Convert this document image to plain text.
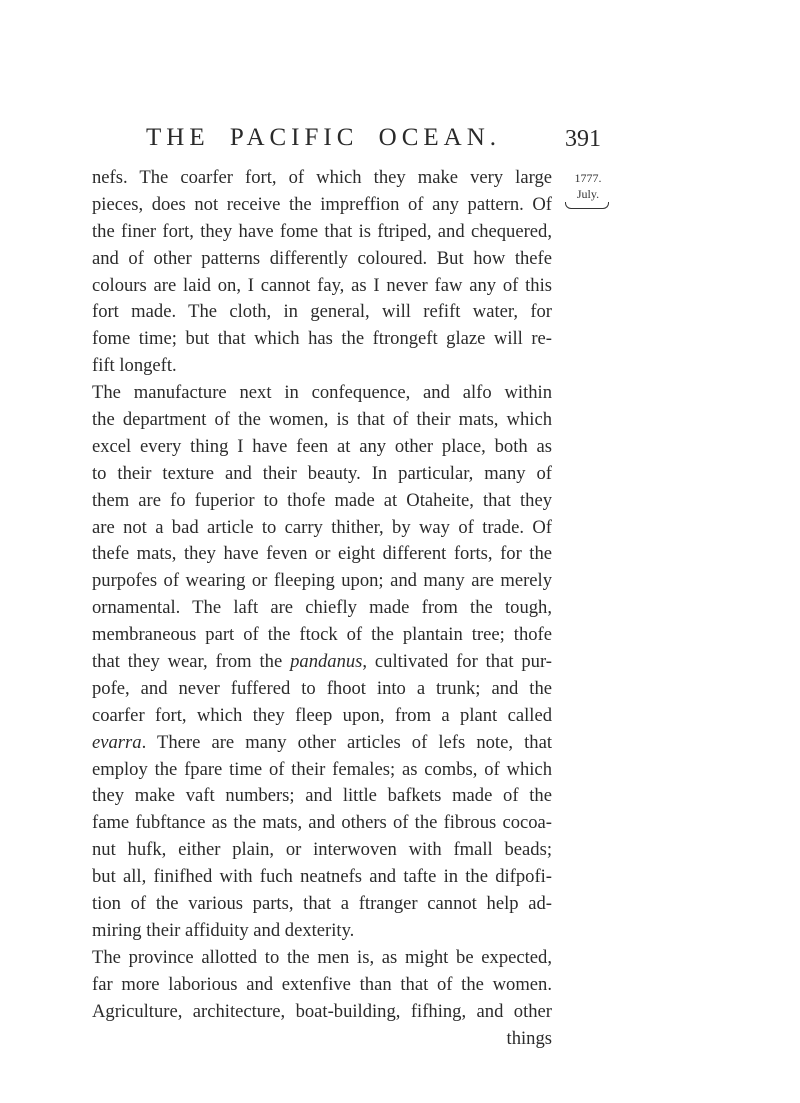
THE PACIFIC OCEAN.	391
1777.
July.
nefs. The coarfer fort, of which they make very large
pieces, does not receive the impreffion of any pattern. Of
the finer fort, they have fome that is ftriped, and chequered,
and of other patterns differently coloured. But how thefe
colours are laid on, I cannot fay, as I never faw any of this
fort made. The cloth, in general, will refift water, for
fome time; but that which has the ftrongeft glaze will re-
fift longeft.
The manufacture next in confequence, and alfo within
the department of the women, is that of their mats, which
excel every thing I have feen at any other place, both as
to their texture and their beauty. In particular, many of
them are fo fuperior to thofe made at Otaheite, that they
are not a bad article to carry thither, by way of trade. Of
thefe mats, they have feven or eight different forts, for the
purpofes of wearing or fleeping upon; and many are merely
ornamental. The laft are chiefly made from the tough,
membraneous part of the ftock of the plantain tree; thofe
that they wear, from the pandanus, cultivated for that pur-
pofe, and never fuffered to fhoot into a trunk; and the
coarfer fort, which they fleep upon, from a plant called
evarra. There are many other articles of lefs note, that
employ the fpare time of their females; as combs, of which
they make vaft numbers; and little bafkets made of the
fame fubftance as the mats, and others of the fibrous cocoa-
nut hufk, either plain, or interwoven with fmall beads;
but all, finifhed with fuch neatnefs and tafte in the difpofi-
tion of the various parts, that a ftranger cannot help ad-
miring their affiduity and dexterity.
The province allotted to the men is, as might be expected,
far more laborious and extenfive than that of the women.
Agriculture, architecture, boat-building, fifhing, and other
things
